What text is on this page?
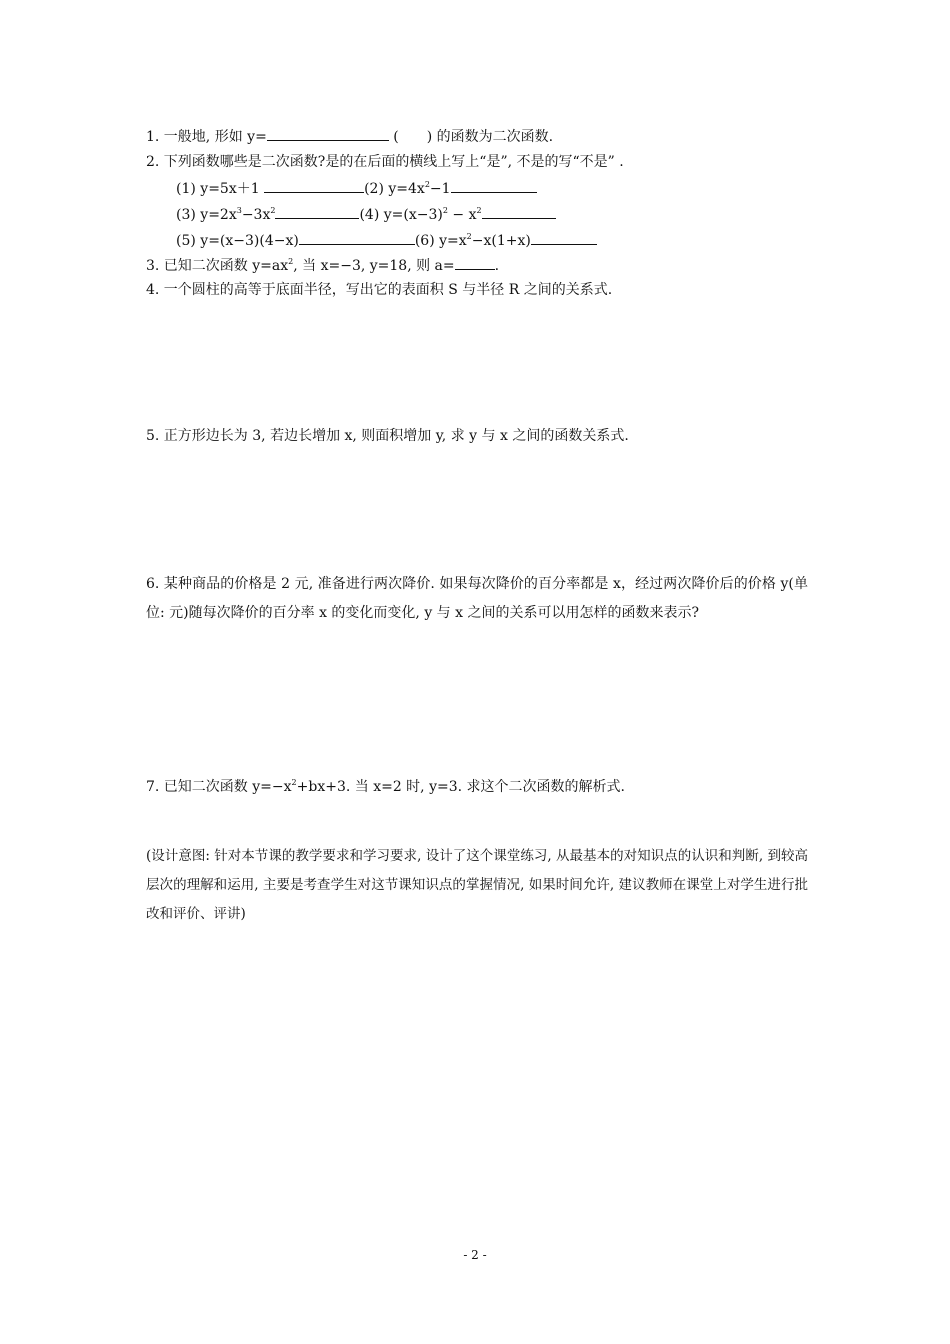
1. 一般地, 形如 y=	(　　) 的函数为二次函数.
2. 下列函数哪些是二次函数?是的在后面的横线上写上“是”, 不是的写“不是” .
(1) y=5x＋1	(2) $y=4x^2-1$
(3) $y=2x^3-3x^2$	(4) $y=(x-3)^2 - x^2$
(5) y=(x−3)(4−x)	(6) $y=x^2-x(1+x)$
3. 已知二次函数 $y=ax^2$, 当 x=−3, y=18, 则 a=	.
4. 一个圆柱的高等于底面半径，写出它的表面积 S 与半径 R 之间的关系式.
5. 正方形边长为 3, 若边长增加 x, 则面积增加 y, 求 y 与 x 之间的函数关系式.
6. 某种商品的价格是 2 元, 准备进行两次降价. 如果每次降价的百分率都是 x，经过两次降价后的价格 y(单位: 元)随每次降价的百分率 x 的变化而变化, y 与 x 之间的关系可以用怎样的函数来表示?
7. 已知二次函数 $y=-x^2+bx+3$. 当 x=2 时, y=3. 求这个二次函数的解析式.
(设计意图: 针对本节课的教学要求和学习要求, 设计了这个课堂练习, 从最基本的对知识点的认识和判断, 到较高层次的理解和运用, 主要是考查学生对这节课知识点的掌握情况, 如果时间允许, 建议教师在课堂上对学生进行批改和评价、评讲)
- 2 -
